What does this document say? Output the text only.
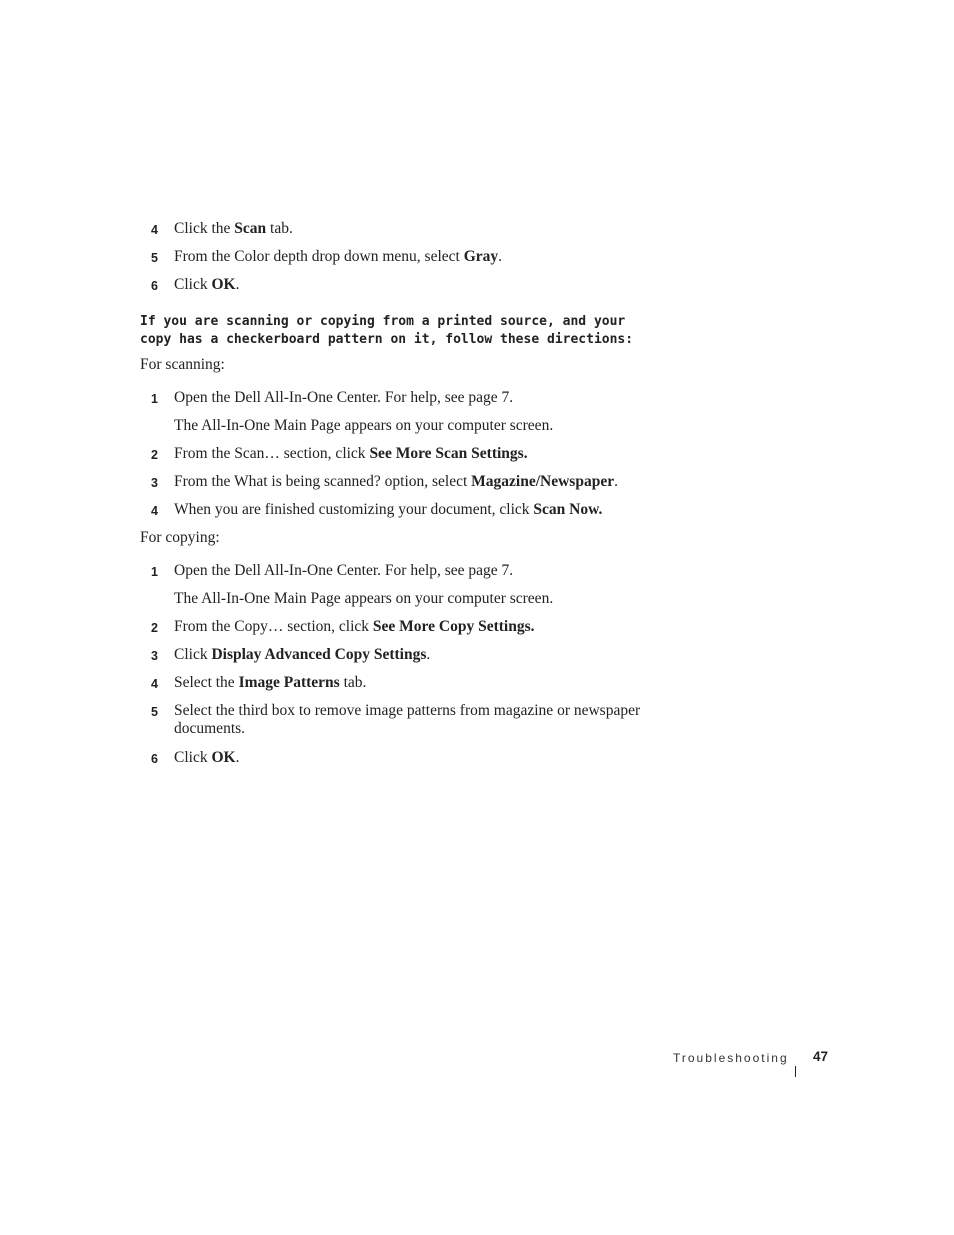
4 Click the Scan tab.
5 From the Color depth drop down menu, select Gray.
6 Click OK.
If you are scanning or copying from a printed source, and your copy has a checkerboard pattern on it, follow these directions:
For scanning:
1 Open the Dell All-In-One Center. For help, see page 7.
The All-In-One Main Page appears on your computer screen.
2 From the Scan… section, click See More Scan Settings.
3 From the What is being scanned? option, select Magazine/Newspaper.
4 When you are finished customizing your document, click Scan Now.
For copying:
1 Open the Dell All-In-One Center. For help, see page 7.
The All-In-One Main Page appears on your computer screen.
2 From the Copy… section, click See More Copy Settings.
3 Click Display Advanced Copy Settings.
4 Select the Image Patterns tab.
5 Select the third box to remove image patterns from magazine or newspaper documents.
6 Click OK.
Troubleshooting 47
